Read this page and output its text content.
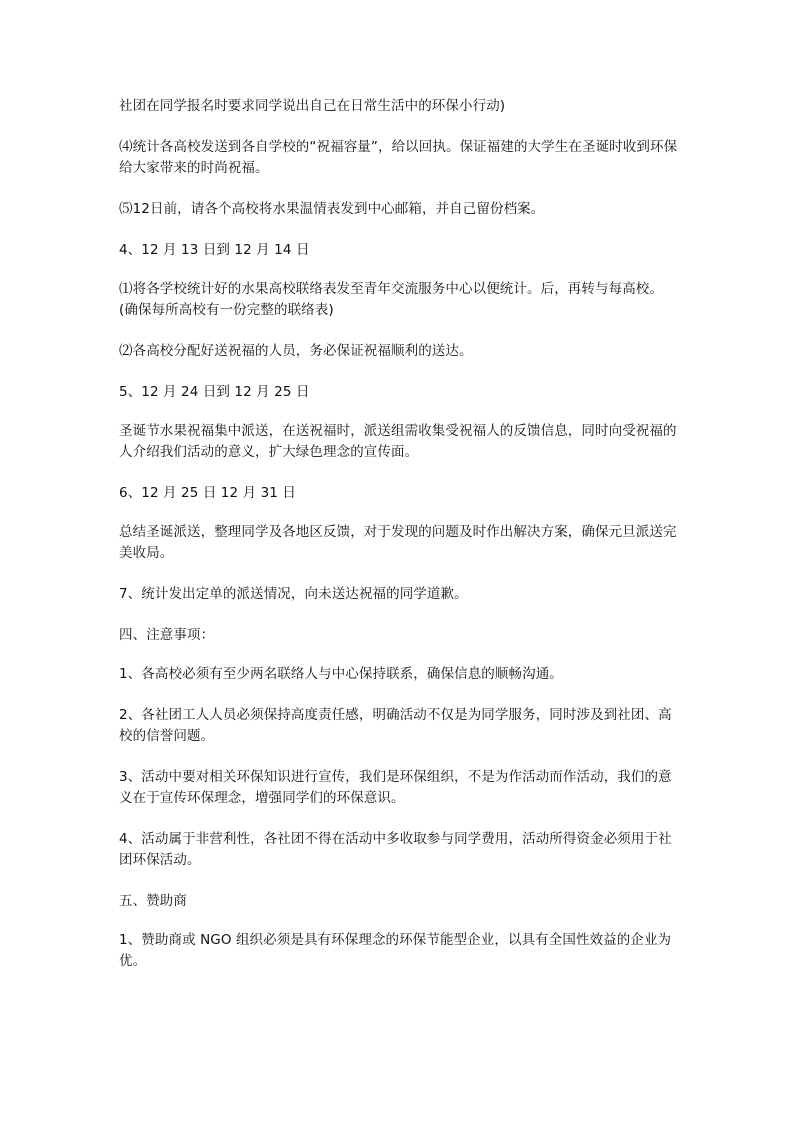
社团在同学报名时要求同学说出自己在日常生活中的环保小行动)

⑷统计各高校发送到各自学校的“祝福容量”，给以回执。保证福建的大学生在圣诞时收到环保给大家带来的时尚祝福。

⑸12日前，请各个高校将水果温情表发到中心邮箱，并自己留份档案。

4、12 月 13 日到 12 月 14 日

⑴将各学校统计好的水果高校联络表发至青年交流服务中心以便统计。后，再转与每高校。(确保每所高校有一份完整的联络表)

⑵各高校分配好送祝福的人员，务必保证祝福顺利的送达。

5、12 月 24 日到 12 月 25 日

圣诞节水果祝福集中派送，在送祝福时，派送组需收集受祝福人的反馈信息，同时向受祝福的人介绍我们活动的意义，扩大绿色理念的宣传面。

6、12 月 25 日 12 月 31 日

总结圣诞派送，整理同学及各地区反馈，对于发现的问题及时作出解决方案，确保元旦派送完美收局。

7、统计发出定单的派送情况，向未送达祝福的同学道歉。

四、注意事项：

1、各高校必须有至少两名联络人与中心保持联系，确保信息的顺畅沟通。

2、各社团工人人员必须保持高度责任感，明确活动不仅是为同学服务，同时涉及到社团、高校的信誉问题。

3、活动中要对相关环保知识进行宣传，我们是环保组织，不是为作活动而作活动，我们的意义在于宣传环保理念，增强同学们的环保意识。

4、活动属于非营利性，各社团不得在活动中多收取参与同学费用，活动所得资金必须用于社团环保活动。

五、赞助商

1、赞助商或 NGO 组织必须是具有环保理念的环保节能型企业，以具有全国性效益的企业为优。
